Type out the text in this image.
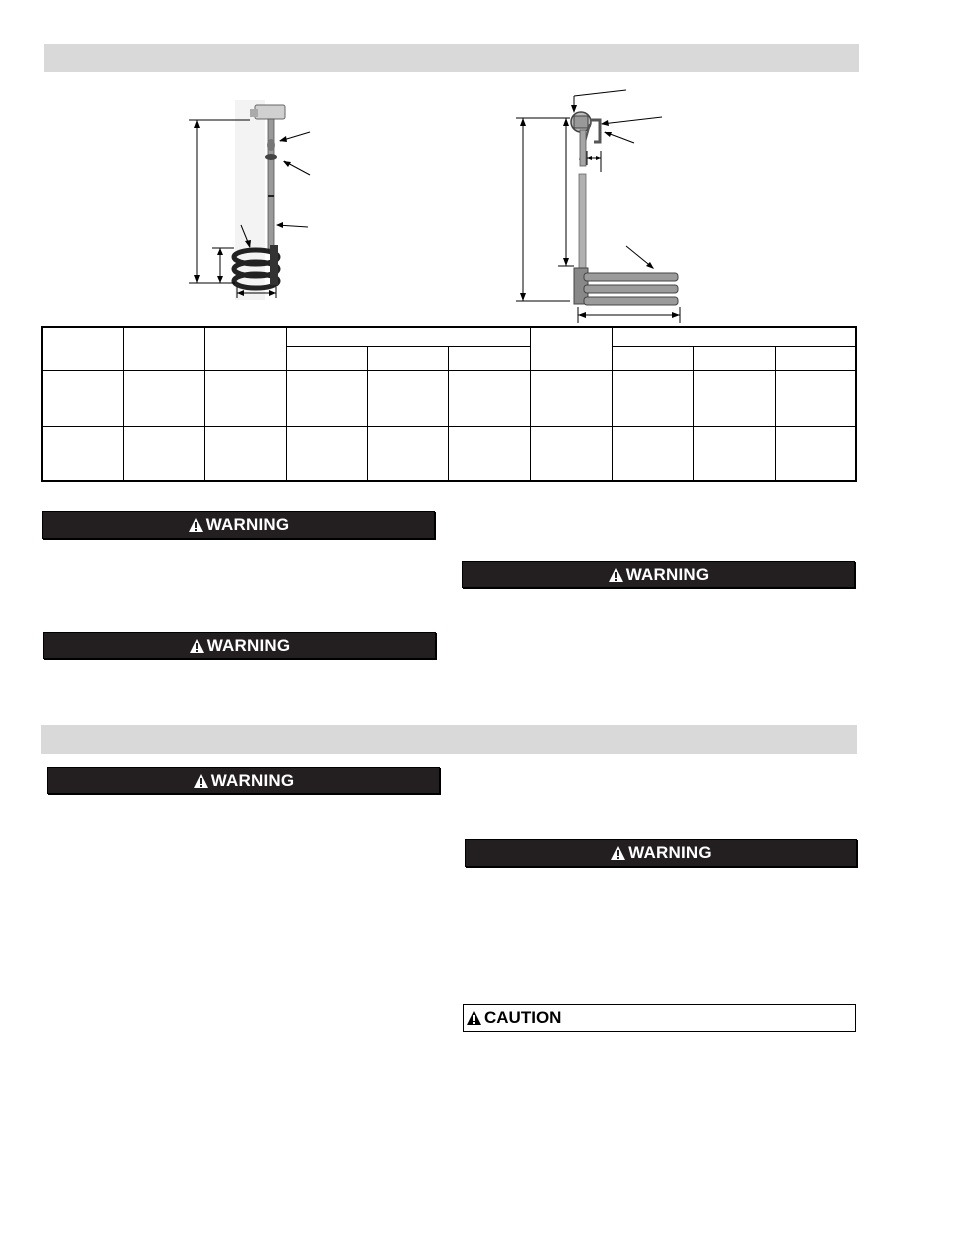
WARNING
WARNING
WARNING
WARNING
WARNING
CAUTION
